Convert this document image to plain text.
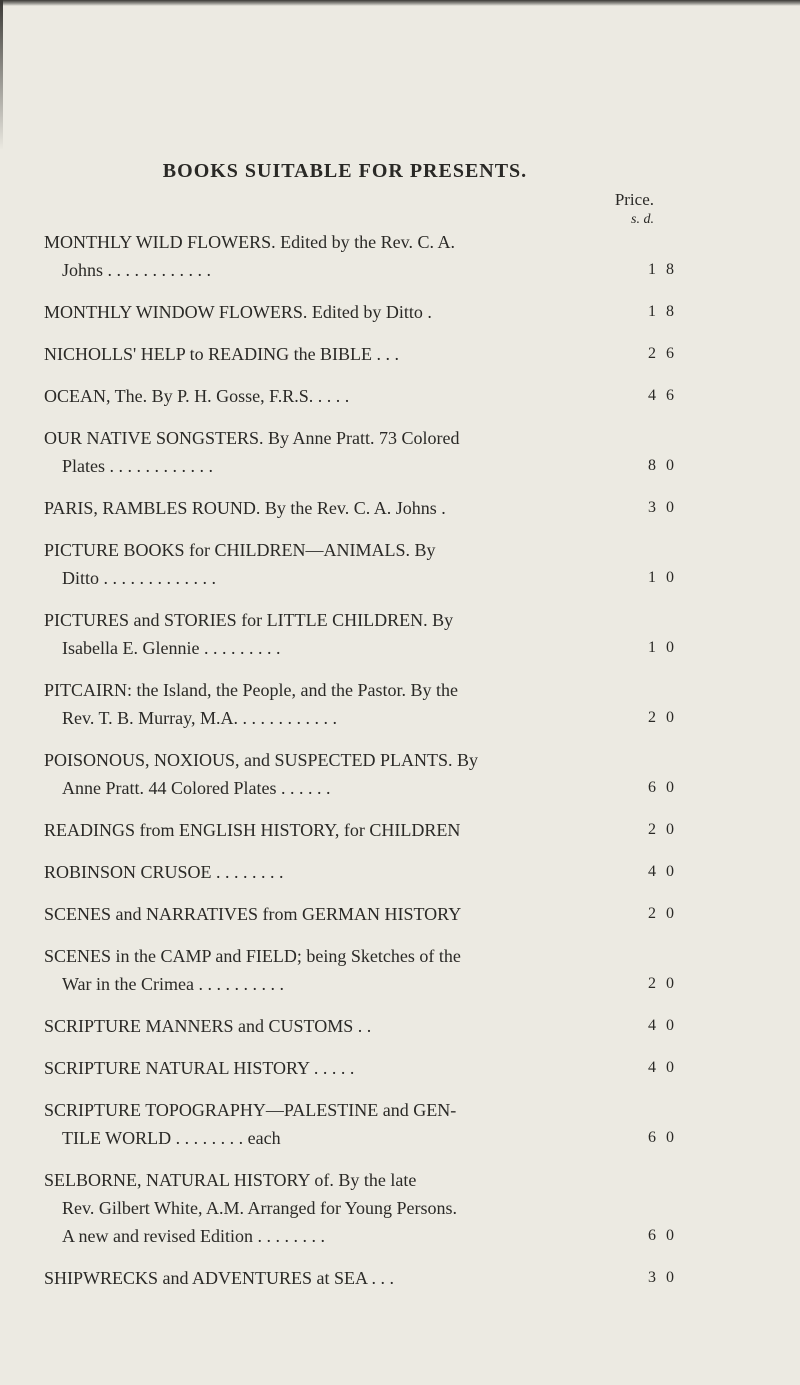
BOOKS SUITABLE FOR PRESENTS.
Price.
s. d.
MONTHLY WILD FLOWERS. Edited by the Rev. C. A.
Johns . . . . . . . . . . . .	1 8
MONTHLY WINDOW FLOWERS. Edited by Ditto .	1 8
NICHOLLS' HELP to READING the BIBLE . . .	2 6
OCEAN, The. By P. H. Gosse, F.R.S. . . . .	4 6
OUR NATIVE SONGSTERS. By Anne Pratt. 73 Colored
Plates . . . . . . . . . . . .	8 0
PARIS, RAMBLES ROUND. By the Rev. C. A. Johns .	3 0
PICTURE BOOKS for CHILDREN—ANIMALS. By
Ditto . . . . . . . . . . . . .	1 0
PICTURES and STORIES for LITTLE CHILDREN. By
Isabella E. Glennie . . . . . . . . .	1 0
PITCAIRN: the Island, the People, and the Pastor. By the
Rev. T. B. Murray, M.A. . . . . . . . . . . .	2 0
POISONOUS, NOXIOUS, and SUSPECTED PLANTS. By
Anne Pratt. 44 Colored Plates . . . . . .	6 0
READINGS from ENGLISH HISTORY, for CHILDREN	2 0
ROBINSON CRUSOE . . . . . . . .	4 0
SCENES and NARRATIVES from GERMAN HISTORY	2 0
SCENES in the CAMP and FIELD; being Sketches of the
War in the Crimea . . . . . . . . . .	2 0
SCRIPTURE MANNERS and CUSTOMS . .	4 0
SCRIPTURE NATURAL HISTORY . . . . .	4 0
SCRIPTURE TOPOGRAPHY—PALESTINE and GEN-
TILE WORLD . . . . . . . . each	6 0
SELBORNE, NATURAL HISTORY of. By the late
Rev. Gilbert White, A.M. Arranged for Young Persons.
A new and revised Edition . . . . . . . .	6 0
SHIPWRECKS and ADVENTURES at SEA . . .	3 0
